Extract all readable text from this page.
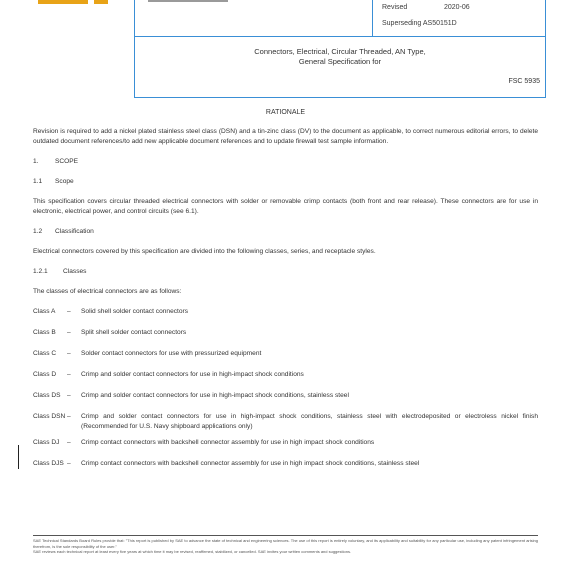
Revised	2020-06
Superseding AS50151D
Connectors, Electrical, Circular Threaded, AN Type,
General Specification for
FSC 5935
RATIONALE
Revision is required to add a nickel plated stainless steel class (DSN) and a tin-zinc class (DV) to the document as applicable, to correct numerous editorial errors, to delete outdated document references/to add new applicable document references and to update firewall test sample information.
1.	SCOPE
1.1 Scope
This specification covers circular threaded electrical connectors with solder or removable crimp contacts (both front and rear release). These connectors are for use in electronic, electrical power, and control circuits (see 6.1).
1.2 Classification
Electrical connectors covered by this specification are divided into the following classes, series, and receptacle styles.
1.2.1 Classes
The classes of electrical connectors are as follows:
Class A	–	Solid shell solder contact connectors
Class B	–	Split shell solder contact connectors
Class C	–	Solder contact connectors for use with pressurized equipment
Class D	–	Crimp and solder contact connectors for use in high-impact shock conditions
Class DS –	Crimp and solder contact connectors for use in high-impact shock conditions, stainless steel
Class DSN –	Crimp and solder contact connectors for use in high-impact shock conditions, stainless steel with electrodeposited or electroless nickel finish (Recommended for U.S. Navy shipboard applications only)
Class DJ	–	Crimp contact connectors with backshell connector assembly for use in high impact shock conditions
Class DJS –	Crimp contact connectors with backshell connector assembly for use in high impact shock conditions, stainless steel
SAE Technical Standards Board Rules provide that: "This report is published by SAE to advance the state of technical and engineering sciences. The use of this report is entirely voluntary, and its applicability and suitability for any particular use, including any patent infringement arising therefrom, is the sole responsibility of the user."
SAE reviews each technical report at least every five years at which time it may be revised, reaffirmed, stabilized, or cancelled. SAE invites your written comments and suggestions.
